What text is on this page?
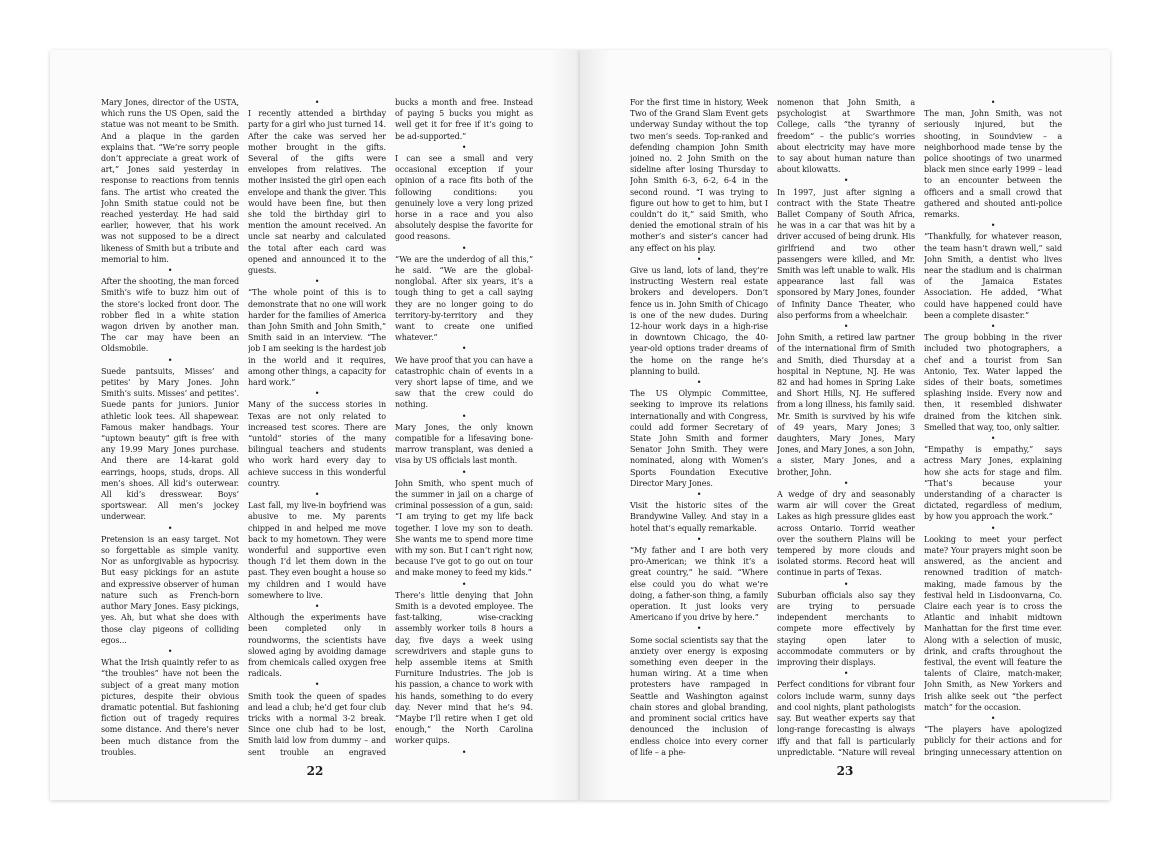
Mary Jones, director of the USTA, which runs the US Open, said the statue was not meant to be Smith. And a plaque in the garden explains that. “We’re sorry people don’t appreciate a great work of art,” Jones said yesterday in response to reactions from tennis fans. The artist who created the John Smith statue could not be reached yesterday. He had said earlier, however, that his work was not supposed to be a direct likeness of Smith but a tribute and memorial to him.

•

After the shooting, the man forced Smith’s wife to buzz him out of the store’s locked front door. The robber fled in a white station wagon driven by another man. The car may have been an Oldsmobile.

•

Suede pantsuits, Misses’ and petites’ by Mary Jones. John Smith’s suits. Misses’ and petites’. Suede pants for juniors. Junior athletic look tees. All shapewear. Famous maker handbags. Your “uptown beauty” gift is free with any 19.99 Mary Jones purchase. And there are 14-karat gold earrings, hoops, studs, drops. All men’s shoes. All kid’s outerwear. All kid’s dresswear. Boys’ sportswear. All men’s jockey underwear.

•

Pretension is an easy target. Not so forgettable as simple vanity. Nor as unforgivable as hypocrisy. But easy pickings for an astute and expressive observer of human nature such as French-born author Mary Jones. Easy pickings, yes. Ah, but what she does with those clay pigeons of colliding egos...

•

What the Irish quaintly refer to as “the troubles” have not been the subject of a great many motion pictures, despite their obvious dramatic potential. But fashioning fiction out of tragedy requires some distance. And there’s never been much distance from the troubles.

•

I recently attended a birthday party for a girl who just turned 14. After the cake was served her mother brought in the gifts. Several of the gifts were envelopes from relatives. The mother insisted the girl open each envelope and thank the giver. This would have been fine, but then she told the birthday girl to mention the amount received. An uncle sat nearby and calculated the total after each card was opened and announced it to the guests.

•

“The whole point of this is to demonstrate that no one will work harder for the families of America than John Smith and John Smith,” Smith said in an interview. “The job I am seeking is the hardest job in the world and it requires, among other things, a capacity for hard work.”

•

Many of the success stories in Texas are not only related to increased test scores. There are “untold” stories of the many bilingual teachers and students who work hard every day to achieve success in this wonderful country.

•

Last fall, my live-in boyfriend was abusive to me. My parents chipped in and helped me move back to my hometown. They were wonderful and supportive even though I’d let them down in the past. They even bought a house so my children and I would have somewhere to live.

•

Although the experiments have been completed only in roundworms, the scientists have slowed aging by avoiding damage from chemicals called oxygen free radicals.

•

Smith took the queen of spades and lead a club; he’d get four club tricks with a normal 3-2 break. Since one club had to be lost, Smith laid low from dummy – and sent trouble an engraved

bucks a month and free. Instead of paying 5 bucks you might as well get it for free if it’s going to be ad-supported.”

•

I can see a small and very occasional exception if your opinion of a race fits both of the following conditions: you genuinely love a very long prized horse in a race and you also absolutely despise the favorite for good reasons.

•

“We are the underdog of all this,” he said. “We are the global-nonglobal. After six years, it’s a tough thing to get a call saying they are no longer going to do territory-by-territory and they want to create one unified whatever.”

•

We have proof that you can have a catastrophic chain of events in a very short lapse of time, and we saw that the crew could do nothing.

•

Mary Jones, the only known compatible for a lifesaving bone-marrow transplant, was denied a visa by US officials last month.

•

John Smith, who spent much of the summer in jail on a charge of criminal possession of a gun, said: “I am trying to get my life back together. I love my son to death. She wants me to spend more time with my son. But I can’t right now, because I’ve got to go out on tour and make money to feed my kids.”

•

There’s little denying that John Smith is a devoted employee. The fast-talking, wise-cracking assembly worker toils 8 hours a day, five days a week using screwdrivers and staple guns to help assemble items at Smith Furniture Industries. The job is his passion, a chance to work with his hands, something to do every day. Never mind that he’s 94. “Maybe I’ll retire when I get old enough,” the North Carolina worker quips.

•

22

For the first time in history, Week Two of the Grand Slam Event gets underway Sunday without the top two men’s seeds. Top-ranked and defending champion John Smith joined no. 2 John Smith on the sideline after losing Thursday to John Smith 6-3, 6-2, 6-4 in the second round. “I was trying to figure out how to get to him, but I couldn’t do it,” said Smith, who denied the emotional strain of his mother’s and sister’s cancer had any effect on his play.

•

Give us land, lots of land, they’re instructing Western real estate brokers and developers. Don’t fence us in. John Smith of Chicago is one of the new dudes. During 12-hour work days in a high-rise in downtown Chicago, the 40-year-old options trader dreams of the home on the range he’s planning to build.

•

The US Olympic Committee, seeking to improve its relations internationally and with Congress, could add former Secretary of State John Smith and former Senator John Smith. They were nominated, along with Women’s Sports Foundation Executive Director Mary Jones.

•

Visit the historic sites of the Brandywine Valley. And stay in a hotel that’s equally remarkable.

•

“My father and I are both very pro-American; we think it’s a great country,” he said. “Where else could you do what we’re doing, a father-son thing, a family operation. It just looks very Americano if you drive by here.”

•

Some social scientists say that the anxiety over energy is exposing something even deeper in the human wiring. At a time when protesters have rampaged in Seattle and Washington against chain stores and global branding, and prominent social critics have denounced the inclusion of endless choice into every corner of life – a phe-

nomenon that John Smith, a psychologist at Swarthmore College, calls “the tyranny of freedom” – the public’s worries about electricity may have more to say about human nature than about kilowatts.

•

In 1997, just after signing a contract with the State Theatre Ballet Company of South Africa, he was in a car that was hit by a driver accused of being drunk. His girlfriend and two other passengers were killed, and Mr. Smith was left unable to walk. His appearance last fall was sponsored by Mary Jones, founder of Infinity Dance Theater, who also performs from a wheelchair.

•

John Smith, a retired law partner of the international firm of Smith and Smith, died Thursday at a hospital in Neptune, NJ. He was 82 and had homes in Spring Lake and Short Hills, NJ. He suffered from a long illness, his family said. Mr. Smith is survived by his wife of 49 years, Mary Jones; 3 daughters, Mary Jones, Mary Jones, and Mary Jones, a son John, a sister, Mary Jones, and a brother, John.

•

A wedge of dry and seasonably warm air will cover the Great Lakes as high pressure glides east across Ontario. Torrid weather over the southern Plains will be tempered by more clouds and isolated storms. Record heat will continue in parts of Texas.

•

Suburban officials also say they are trying to persuade independent merchants to compete more effectively by staying open later to accommodate commuters or by improving their displays.

•

Perfect conditions for vibrant four colors include warm, sunny days and cool nights, plant pathologists say. But weather experts say that long-range forecasting is always iffy and that fall is particularly unpredictable. “Nature will reveal

•

The man, John Smith, was not seriously injured, but the shooting, in Soundview – a neighborhood made tense by the police shootings of two unarmed black men since early 1999 – lead to an encounter between the officers and a small crowd that gathered and shouted anti-police remarks.

•

“Thankfully, for whatever reason, the team hasn’t drawn well,” said John Smith, a dentist who lives near the stadium and is chairman of the Jamaica Estates Association. He added, “What could have happened could have been a complete disaster.”

•

The group bobbing in the river included two photographers, a chef and a tourist from San Antonio, Tex. Water lapped the sides of their boats, sometimes splashing inside. Every now and then, it resembled dishwater drained from the kitchen sink. Smelled that way, too, only saltier.

•

“Empathy is empathy,” says actress Mary Jones, explaining how she acts for stage and film. “That’s because your understanding of a character is dictated, regardless of medium, by how you approach the work.”

•

Looking to meet your perfect mate? Your prayers might soon be answered, as the ancient and renowned tradition of match-making, made famous by the festival held in Lisdoonvarna, Co. Claire each year is to cross the Atlantic and inhabit midtown Manhattan for the first time ever. Along with a selection of music, drink, and crafts throughout the festival, the event will feature the talents of Claire, match-maker, John Smith, as New Yorkers and Irish alike seek out “the perfect match” for the occasion.

•

“The players have apologized publicly for their actions and for bringing unnecessary attention on

23
